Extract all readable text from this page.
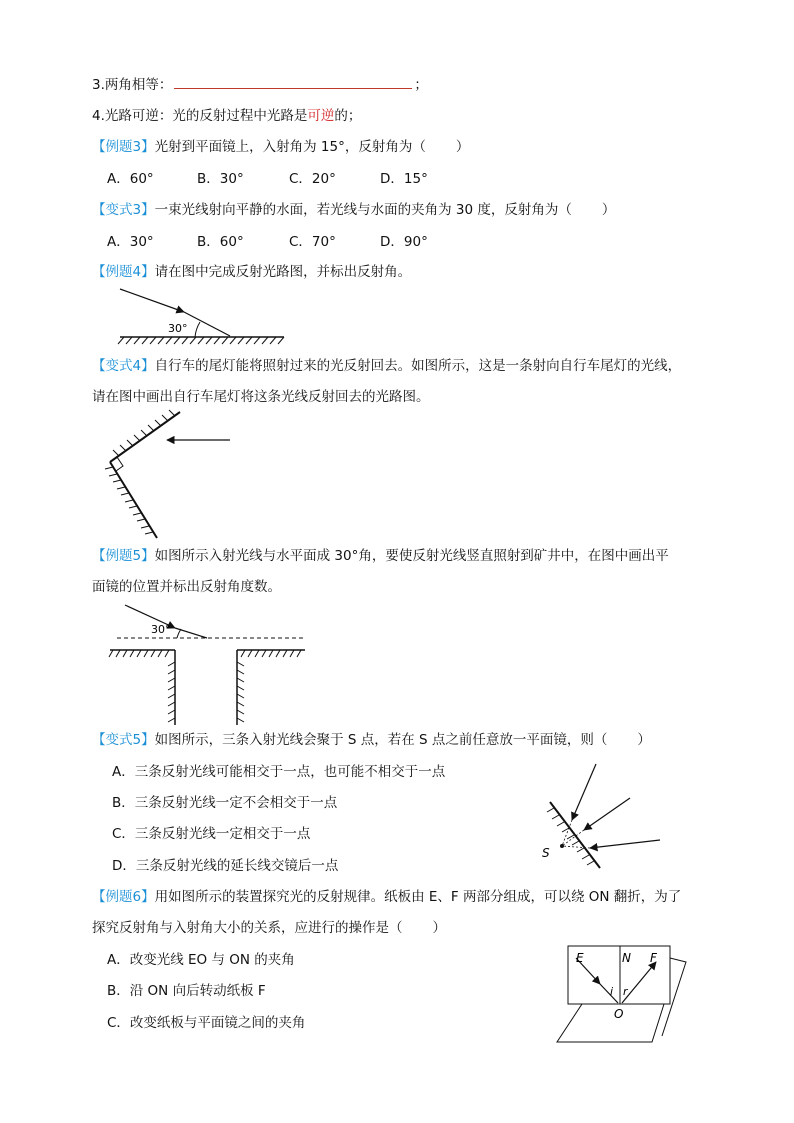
3.两角相等：	；
4.光路可逆：光的反射过程中光路是可逆的；
【例题3】光射到平面镜上，入射角为 15°，反射角为（ ）
A．60°	B．30°	C．20°	D．15°
【变式3】一束光线射向平静的水面，若光线与水面的夹角为 30 度，反射角为（ ）
A．30°	B．60°	C．70°	D．90°
【例题4】请在图中完成反射光路图，并标出反射角。
30°
【变式4】自行车的尾灯能将照射过来的光反射回去。如图所示，这是一条射向自行车尾灯的光线，
请在图中画出自行车尾灯将这条光线反射回去的光路图。
【例题5】如图所示入射光线与水平面成 30°角，要使反射光线竖直照射到矿井中，在图中画出平
面镜的位置并标出反射角度数。
30°
【变式5】如图所示，三条入射光线会聚于 S 点，若在 S 点之前任意放一平面镜，则（ ）
A．三条反射光线可能相交于一点，也可能不相交于一点
B．三条反射光线一定不会相交于一点
C．三条反射光线一定相交于一点
D．三条反射光线的延长线交镜后一点
S
【例题6】用如图所示的装置探究光的反射规律。纸板由 E、F 两部分组成，可以绕 ON 翻折，为了
探究反射角与入射角大小的关系，应进行的操作是（ ）
A．改变光线 EO 与 ON 的夹角
B．沿 ON 向后转动纸板 F
C．改变纸板与平面镜之间的夹角
E	N F
i r
O
